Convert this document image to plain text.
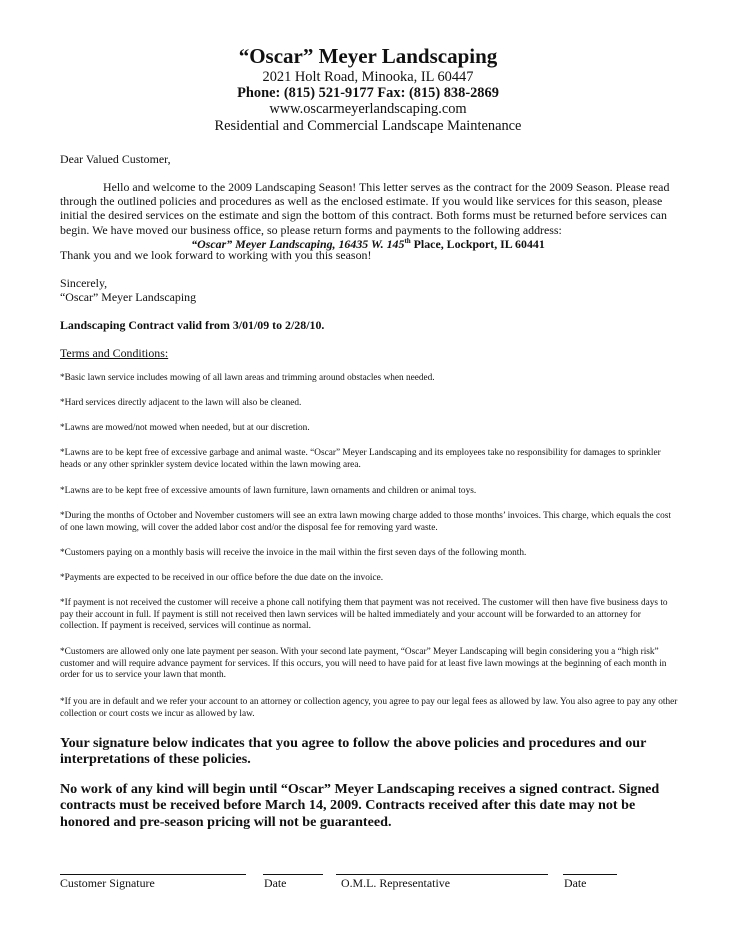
“Oscar” Meyer Landscaping
2021 Holt Road, Minooka, IL 60447
Phone: (815) 521-9177 Fax: (815) 838-2869
www.oscarmeyerlandscaping.com
Residential and Commercial Landscape Maintenance
Dear Valued Customer,
Hello and welcome to the 2009 Landscaping Season! This letter serves as the contract for the 2009 Season. Please read through the outlined policies and procedures as well as the enclosed estimate. If you would like services for this season, please initial the desired services on the estimate and sign the bottom of this contract. Both forms must be returned before services can begin. We have moved our business office, so please return forms and payments to the following address:
“Oscar” Meyer Landscaping, 16435 W. 145th Place, Lockport, IL 60441
Thank you and we look forward to working with you this season!
Sincerely,
“Oscar” Meyer Landscaping
Landscaping Contract valid from 3/01/09 to 2/28/10.
Terms and Conditions:
*Basic lawn service includes mowing of all lawn areas and trimming around obstacles when needed.
*Hard services directly adjacent to the lawn will also be cleaned.
*Lawns are mowed/not mowed when needed, but at our discretion.
*Lawns are to be kept free of excessive garbage and animal waste. “Oscar” Meyer Landscaping and its employees take no responsibility for damages to sprinkler heads or any other sprinkler system device located within the lawn mowing area.
*Lawns are to be kept free of excessive amounts of lawn furniture, lawn ornaments and children or animal toys.
*During the months of October and November customers will see an extra lawn mowing charge added to those months’ invoices. This charge, which equals the cost of one lawn mowing, will cover the added labor cost and/or the disposal fee for removing yard waste.
*Customers paying on a monthly basis will receive the invoice in the mail within the first seven days of the following month.
*Payments are expected to be received in our office before the due date on the invoice.
*If payment is not received the customer will receive a phone call notifying them that payment was not received. The customer will then have five business days to pay their account in full. If payment is still not received then lawn services will be halted immediately and your account will be forwarded to an attorney for collection. If payment is received, services will continue as normal.
*Customers are allowed only one late payment per season. With your second late payment, “Oscar” Meyer Landscaping will begin considering you a “high risk” customer and will require advance payment for services. If this occurs, you will need to have paid for at least five lawn mowings at the beginning of each month in order for us to service your lawn that month.
*If you are in default and we refer your account to an attorney or collection agency, you agree to pay our legal fees as allowed by law. You also agree to pay any other collection or court costs we incur as allowed by law.
Your signature below indicates that you agree to follow the above policies and procedures and our interpretations of these policies.
No work of any kind will begin until “Oscar” Meyer Landscaping receives a signed contract. Signed contracts must be received before March 14, 2009. Contracts received after this date may not be honored and pre-season pricing will not be guaranteed.
Customer Signature	Date	O.M.L. Representative	Date
